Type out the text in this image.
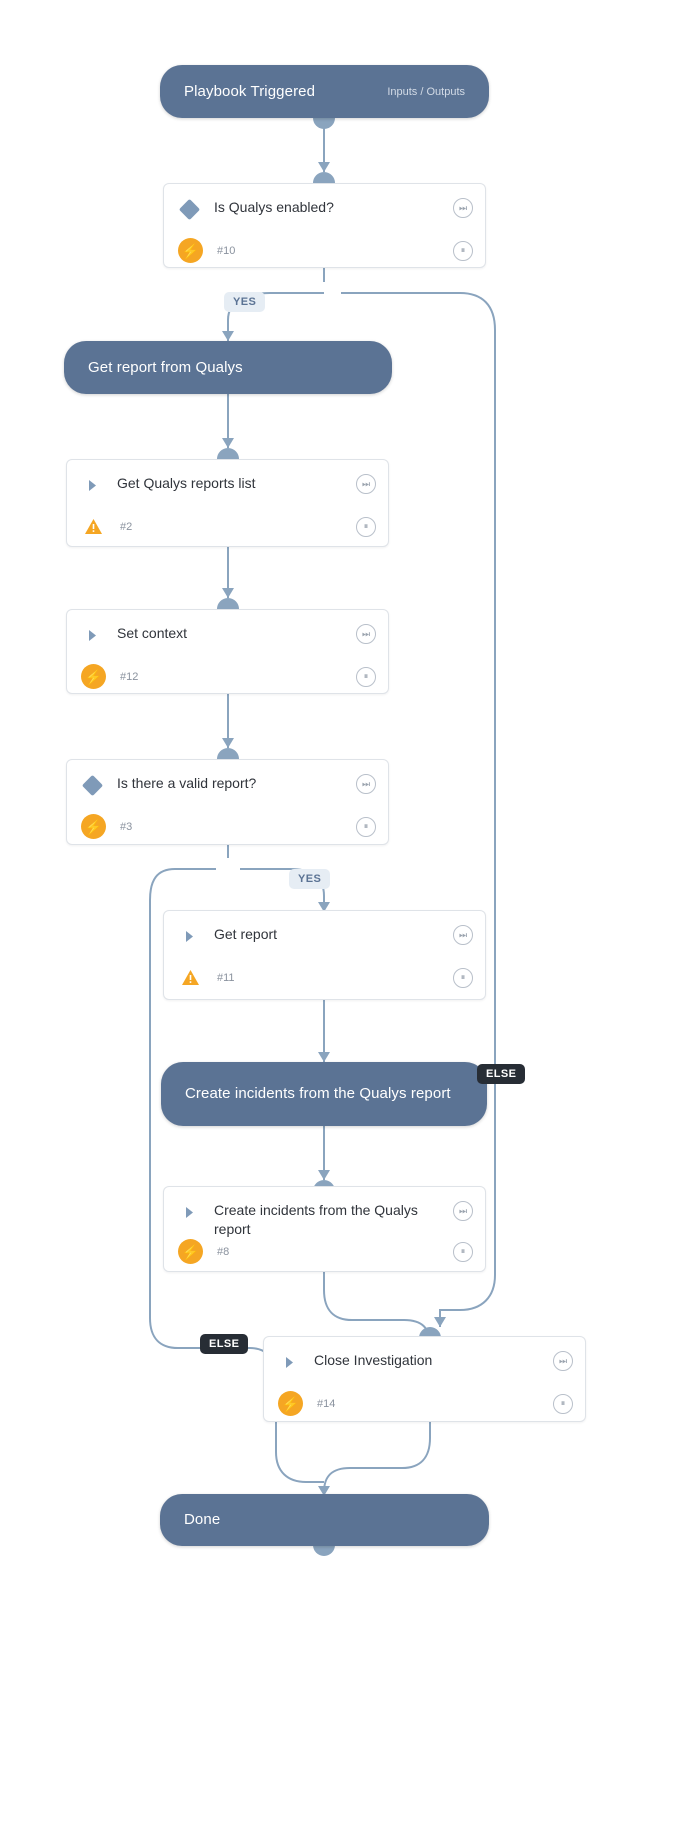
Playbook Triggered	Inputs / Outputs
Is Qualys enabled?	⏭
⚡ #10	⏸
YES
Get report from Qualys
Get Qualys reports list	⏭
#2	⏸
Set context	⏭
⚡ #12	⏸
Is there a valid report?	⏭
⚡ #3	⏸
YES
Get report	⏭
#11	⏸
Create incidents from the Qualys report
ELSE
Create incidents from the Qualys report
⏭
⚡ #8	⏸
ELSE
Close Investigation	⏭
⚡ #14	⏸
Done
